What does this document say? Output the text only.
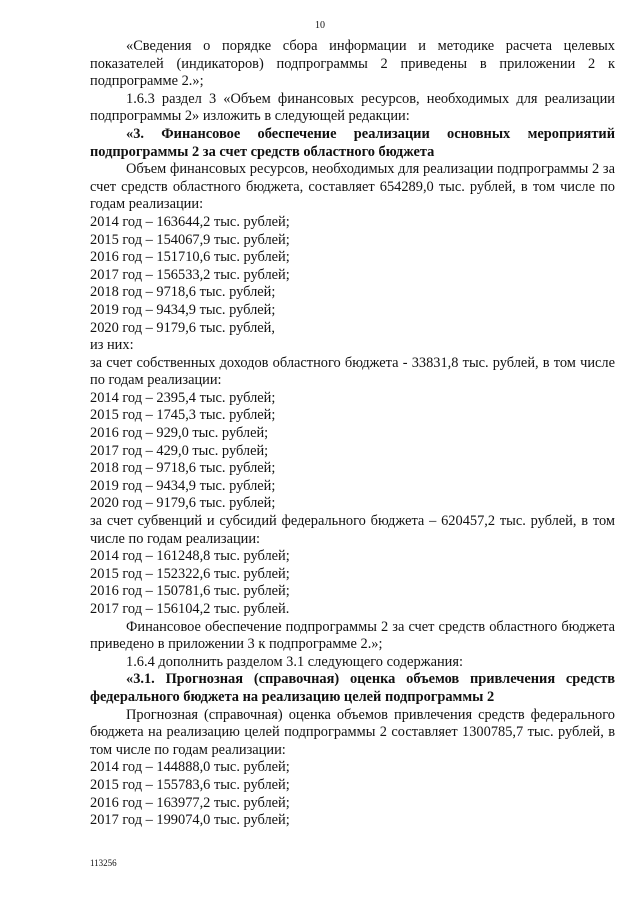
10

«Сведения о порядке сбора информации и методике расчета целевых показателей (индикаторов) подпрограммы 2 приведены в приложении 2 к подпрограмме 2.»;

1.6.3 раздел 3 «Объем финансовых ресурсов, необходимых для реализации подпрограммы 2» изложить в следующей редакции:

«3. Финансовое обеспечение реализации основных мероприятий подпрограммы 2 за счет средств областного бюджета

Объем финансовых ресурсов, необходимых для реализации подпрограммы 2 за счет средств областного бюджета, составляет 654289,0 тыс. рублей, в том числе по годам реализации:

2014 год – 163644,2 тыс. рублей;

2015 год – 154067,9 тыс. рублей;

2016 год – 151710,6 тыс. рублей;

2017 год – 156533,2 тыс. рублей;

2018 год – 9718,6 тыс. рублей;

2019 год – 9434,9 тыс. рублей;

2020 год – 9179,6 тыс. рублей,

из них:

за счет собственных доходов областного бюджета - 33831,8 тыс. рублей, в том числе по годам реализации:

2014 год – 2395,4 тыс. рублей;

2015 год – 1745,3 тыс. рублей;

2016 год – 929,0 тыс. рублей;

2017 год – 429,0 тыс. рублей;

2018 год – 9718,6 тыс. рублей;

2019 год – 9434,9 тыс. рублей;

2020 год – 9179,6 тыс. рублей;

за счет субвенций и субсидий федерального бюджета – 620457,2 тыс. рублей, в том числе по годам реализации:

2014 год – 161248,8 тыс. рублей;

2015 год – 152322,6 тыс. рублей;

2016 год – 150781,6 тыс. рублей;

2017 год – 156104,2 тыс. рублей.

Финансовое обеспечение подпрограммы 2 за счет средств областного бюджета приведено в приложении 3 к подпрограмме 2.»;

1.6.4 дополнить разделом 3.1 следующего содержания:

«3.1. Прогнозная (справочная) оценка объемов привлечения средств федерального бюджета на реализацию целей подпрограммы 2

Прогнозная (справочная) оценка объемов привлечения средств федерального бюджета на реализацию целей подпрограммы 2 составляет 1300785,7 тыс. рублей, в том числе по годам реализации:

2014 год – 144888,0 тыс. рублей;

2015 год – 155783,6 тыс. рублей;

2016 год – 163977,2 тыс. рублей;

2017 год – 199074,0 тыс. рублей;

113256
